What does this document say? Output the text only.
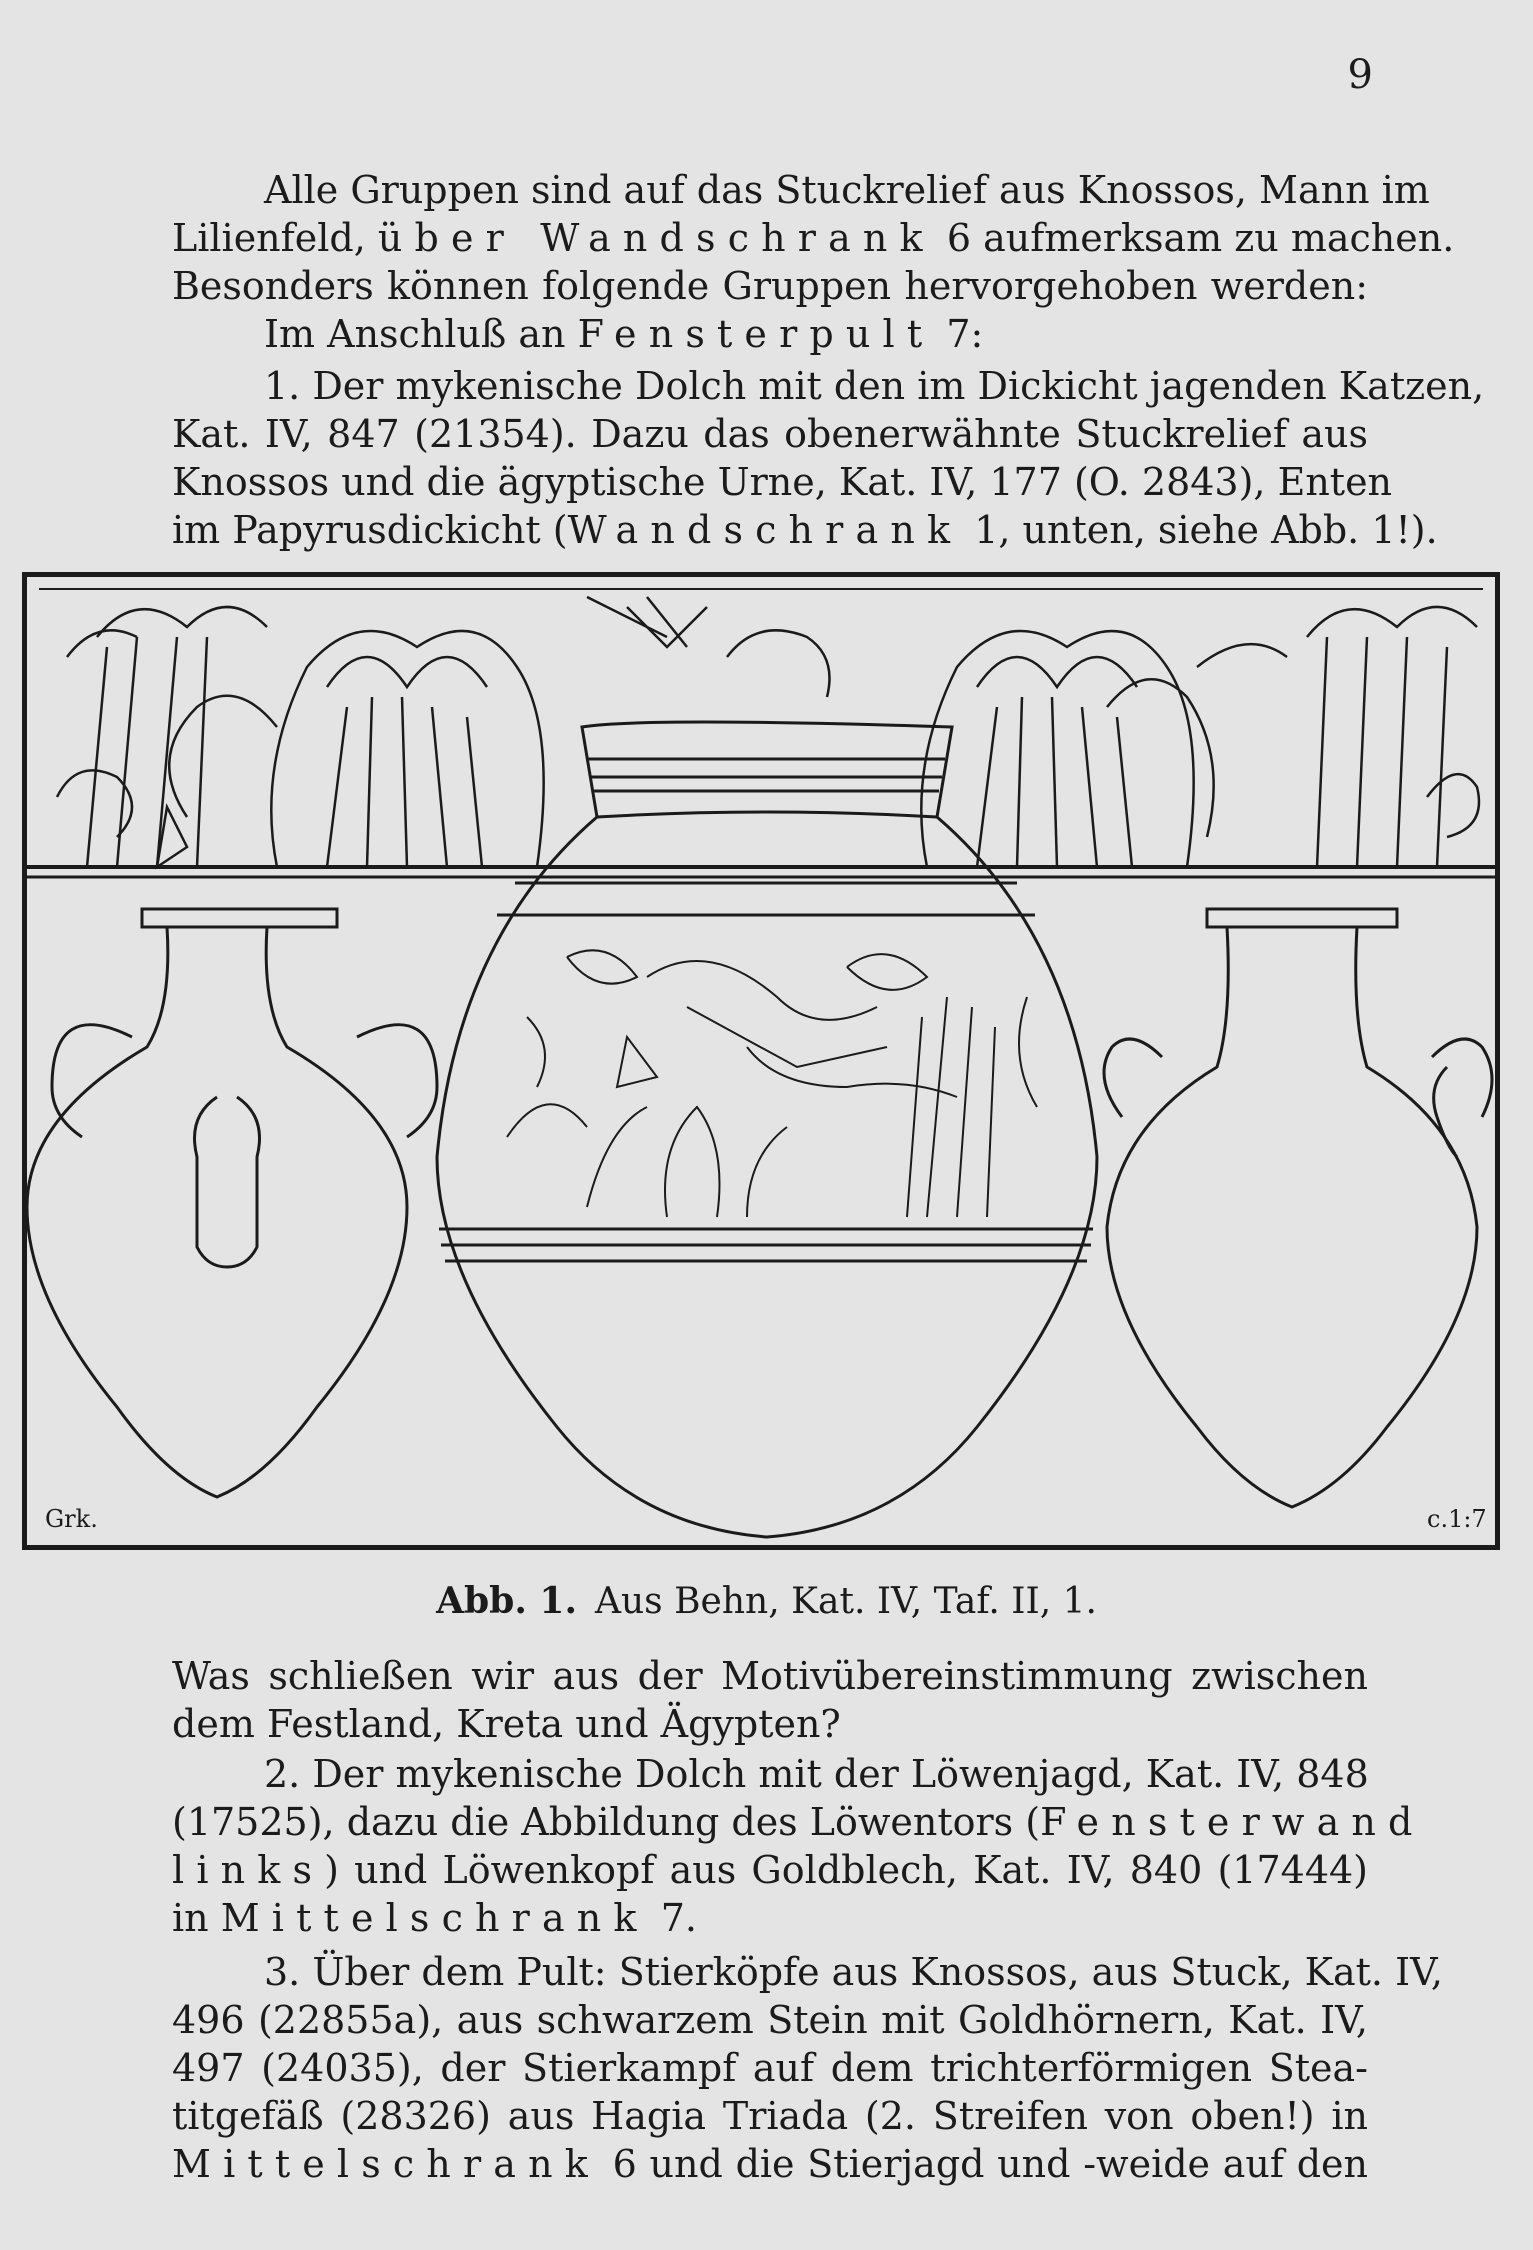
9
Alle Gruppen sind auf das Stuckrelief aus Knossos, Mann im
Lilienfeld, über Wandschrank 6 aufmerksam zu machen.
Besonders können folgende Gruppen hervorgehoben werden:
Im Anschluß an Fensterpult 7:
1. Der mykenische Dolch mit den im Dickicht jagenden Katzen,
Kat. IV, 847 (21354). Dazu das obenerwähnte Stuckrelief aus
Knossos und die ägyptische Urne, Kat. IV, 177 (O. 2843), Enten
im Papyrusdickicht (Wandschrank 1, unten, siehe Abb. 1!).
Grk.	c.1:7
Abb. 1. Aus Behn, Kat. IV, Taf. II, 1.
Was schließen wir aus der Motivübereinstimmung zwischen
dem Festland, Kreta und Ägypten?
2. Der mykenische Dolch mit der Löwenjagd, Kat. IV, 848
(17525), dazu die Abbildung des Löwentors (Fensterwand
links) und Löwenkopf aus Goldblech, Kat. IV, 840 (17444)
in Mittelschrank 7.
3. Über dem Pult: Stierköpfe aus Knossos, aus Stuck, Kat. IV,
496 (22855a), aus schwarzem Stein mit Goldhörnern, Kat. IV,
497 (24035), der Stierkampf auf dem trichterförmigen Stea-
titgefäß (28326) aus Hagia Triada (2. Streifen von oben!) in
Mittelschrank 6 und die Stierjagd und -weide auf den
